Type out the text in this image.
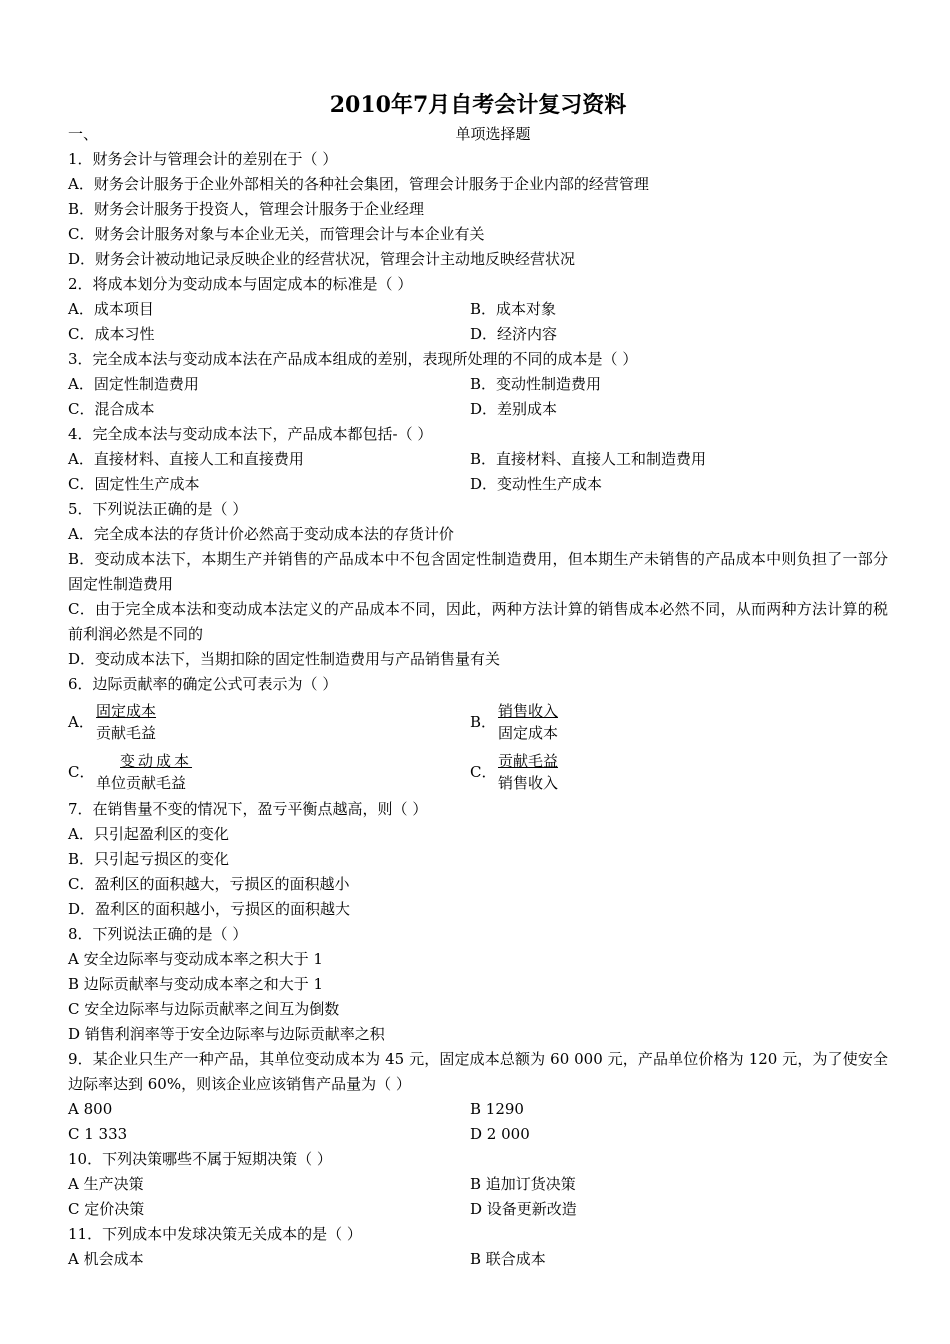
2010年7月自考会计复习资料
一、	单项选择题
1．财务会计与管理会计的差别在于（ ）
A．财务会计服务于企业外部相关的各种社会集团，管理会计服务于企业内部的经营管理
B．财务会计服务于投资人，管理会计服务于企业经理
C．财务会计服务对象与本企业无关，而管理会计与本企业有关
D．财务会计被动地记录反映企业的经营状况，管理会计主动地反映经营状况
2．将成本划分为变动成本与固定成本的标准是（ ）
A．成本项目	B．成本对象
C．成本习性	D．经济内容
3．完全成本法与变动成本法在产品成本组成的差别，表现所处理的不同的成本是（ ）
A．固定性制造费用	B．变动性制造费用
C．混合成本	D．差别成本
4．完全成本法与变动成本法下，产品成本都包括-（ ）
A．直接材料、直接人工和直接费用	B．直接材料、直接人工和制造费用
C．固定性生产成本	D．变动性生产成本
5．下列说法正确的是（ ）
A．完全成本法的存货计价必然高于变动成本法的存货计价
B．变动成本法下，本期生产并销售的产品成本中不包含固定性制造费用，但本期生产未销售的产品成本中则负担了一部分固定性制造费用
C．由于完全成本法和变动成本法定义的产品成本不同，因此，两种方法计算的销售成本必然不同，从而两种方法计算的税前利润必然是不同的
D．变动成本法下，当期扣除的固定性制造费用与产品销售量有关
6．边际贡献率的确定公式可表示为（ ）
A． $\frac{\text{固定成本}}{\text{贡献毛益}}$	B． $\frac{\text{销售收入}}{\text{固定成本}}$
C． $\frac{\text{变动成本}}{\text{单位贡献毛益}}$	C． $\frac{\text{贡献毛益}}{\text{销售收入}}$
7．在销售量不变的情况下，盈亏平衡点越高，则（ ）
A．只引起盈利区的变化
B．只引起亏损区的变化
C．盈利区的面积越大，亏损区的面积越小
D．盈利区的面积越小，亏损区的面积越大
8．下列说法正确的是（ ）
A 安全边际率与变动成本率之积大于 1
B 边际贡献率与变动成本率之和大于 1
C 安全边际率与边际贡献率之间互为倒数
D 销售利润率等于安全边际率与边际贡献率之积
9．某企业只生产一种产品，其单位变动成本为 45 元，固定成本总额为 60 000 元，产品单位价格为 120 元，为了使安全边际率达到 60%，则该企业应该销售产品量为（ ）
A 800	B 1290
C 1 333	D 2 000
10．下列决策哪些不属于短期决策（ ）
A 生产决策	B 追加订货决策
C 定价决策	D 设备更新改造
11．下列成本中发球决策无关成本的是（ ）
A 机会成本	B 联合成本
